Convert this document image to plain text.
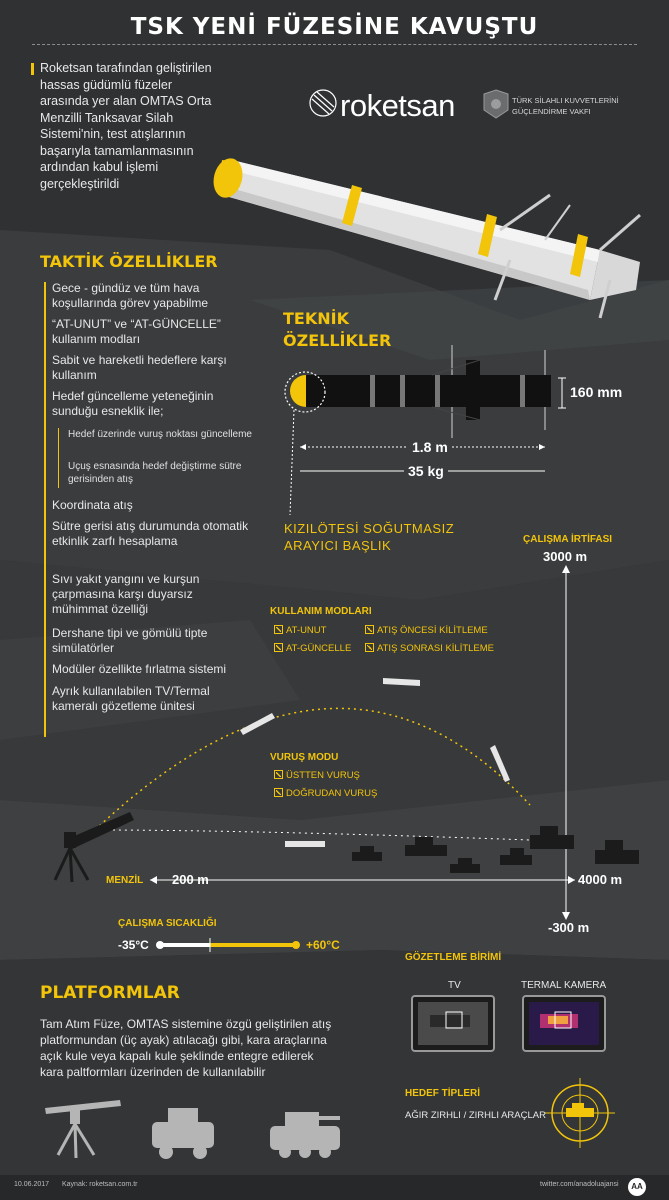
TSK YENİ FÜZESİNE KAVUŞTU
Roketsan tarafından geliştirilen hassas güdümlü füzeler arasında yer alan OMTAS Orta Menzilli Tanksavar Silah Sistemi'nin, test atışlarının başarıyla tamamlanmasının ardından kabul işlemi gerçekleştirildi
roketsan	TÜRK SİLAHLI KUVVETLERİNİ
GÜÇLENDİRME VAKFI
TAKTİK ÖZELLİKLER
Gece - gündüz ve tüm hava koşullarında görev yapabilme
“AT-UNUT” ve “AT-GÜNCELLE” kullanım modları
Sabit ve hareketli hedeflere karşı kullanım
Hedef güncelleme yeteneğinin sunduğu esneklik ile;
Hedef üzerinde vuruş noktası güncelleme
Uçuş esnasında hedef değiştirme sütre gerisinden atış
Koordinata atış
Sütre gerisi atış durumunda otomatik etkinlik zarfı hesaplama
Sıvı yakıt yangını ve kurşun çarpmasına karşı duyarsız mühimmat özelliği
Dershane tipi ve gömülü tipte simülatörler
Modüler özellikte fırlatma sistemi
Ayrık kullanılabilen TV/Termal kameralı gözetleme ünitesi
TEKNİK
ÖZELLİKLER
160 mm
1.8 m
35 kg
KIZILÖTESİ SOĞUTMASIZ
ARAYICI BAŞLIK	ÇALIŞMA İRTİFASI
3000 m
-300 m
KULLANIM MODLARI
AT-UNUT
AT-GÜNCELLE
ATIŞ ÖNCESİ KİLİTLEME
ATIŞ SONRASI KİLİTLEME
VURUŞ MODU
ÜSTTEN VURUŞ
DOĞRUDAN VURUŞ
MENZİL 200 m	4000 m
ÇALIŞMA SICAKLIĞI
-35°C	+60°C
GÖZETLEME BİRİMİ
TV	TERMAL KAMERA
HEDEF TİPLERİ
AĞIR ZIRHLI / ZIRHLI ARAÇLAR
PLATFORMLAR
Tam Atım Füze, OMTAS sistemine özgü geliştirilen atış platformundan (üç ayak) atılacağı gibi, kara araçlarına açık kule veya kapalı kule şeklinde entegre edilerek kara paltformları üzerinden de kullanılabilir
10.06.2017 Kaynak: roketsan.com.tr	twitter.com/anadoluajansi	AA
